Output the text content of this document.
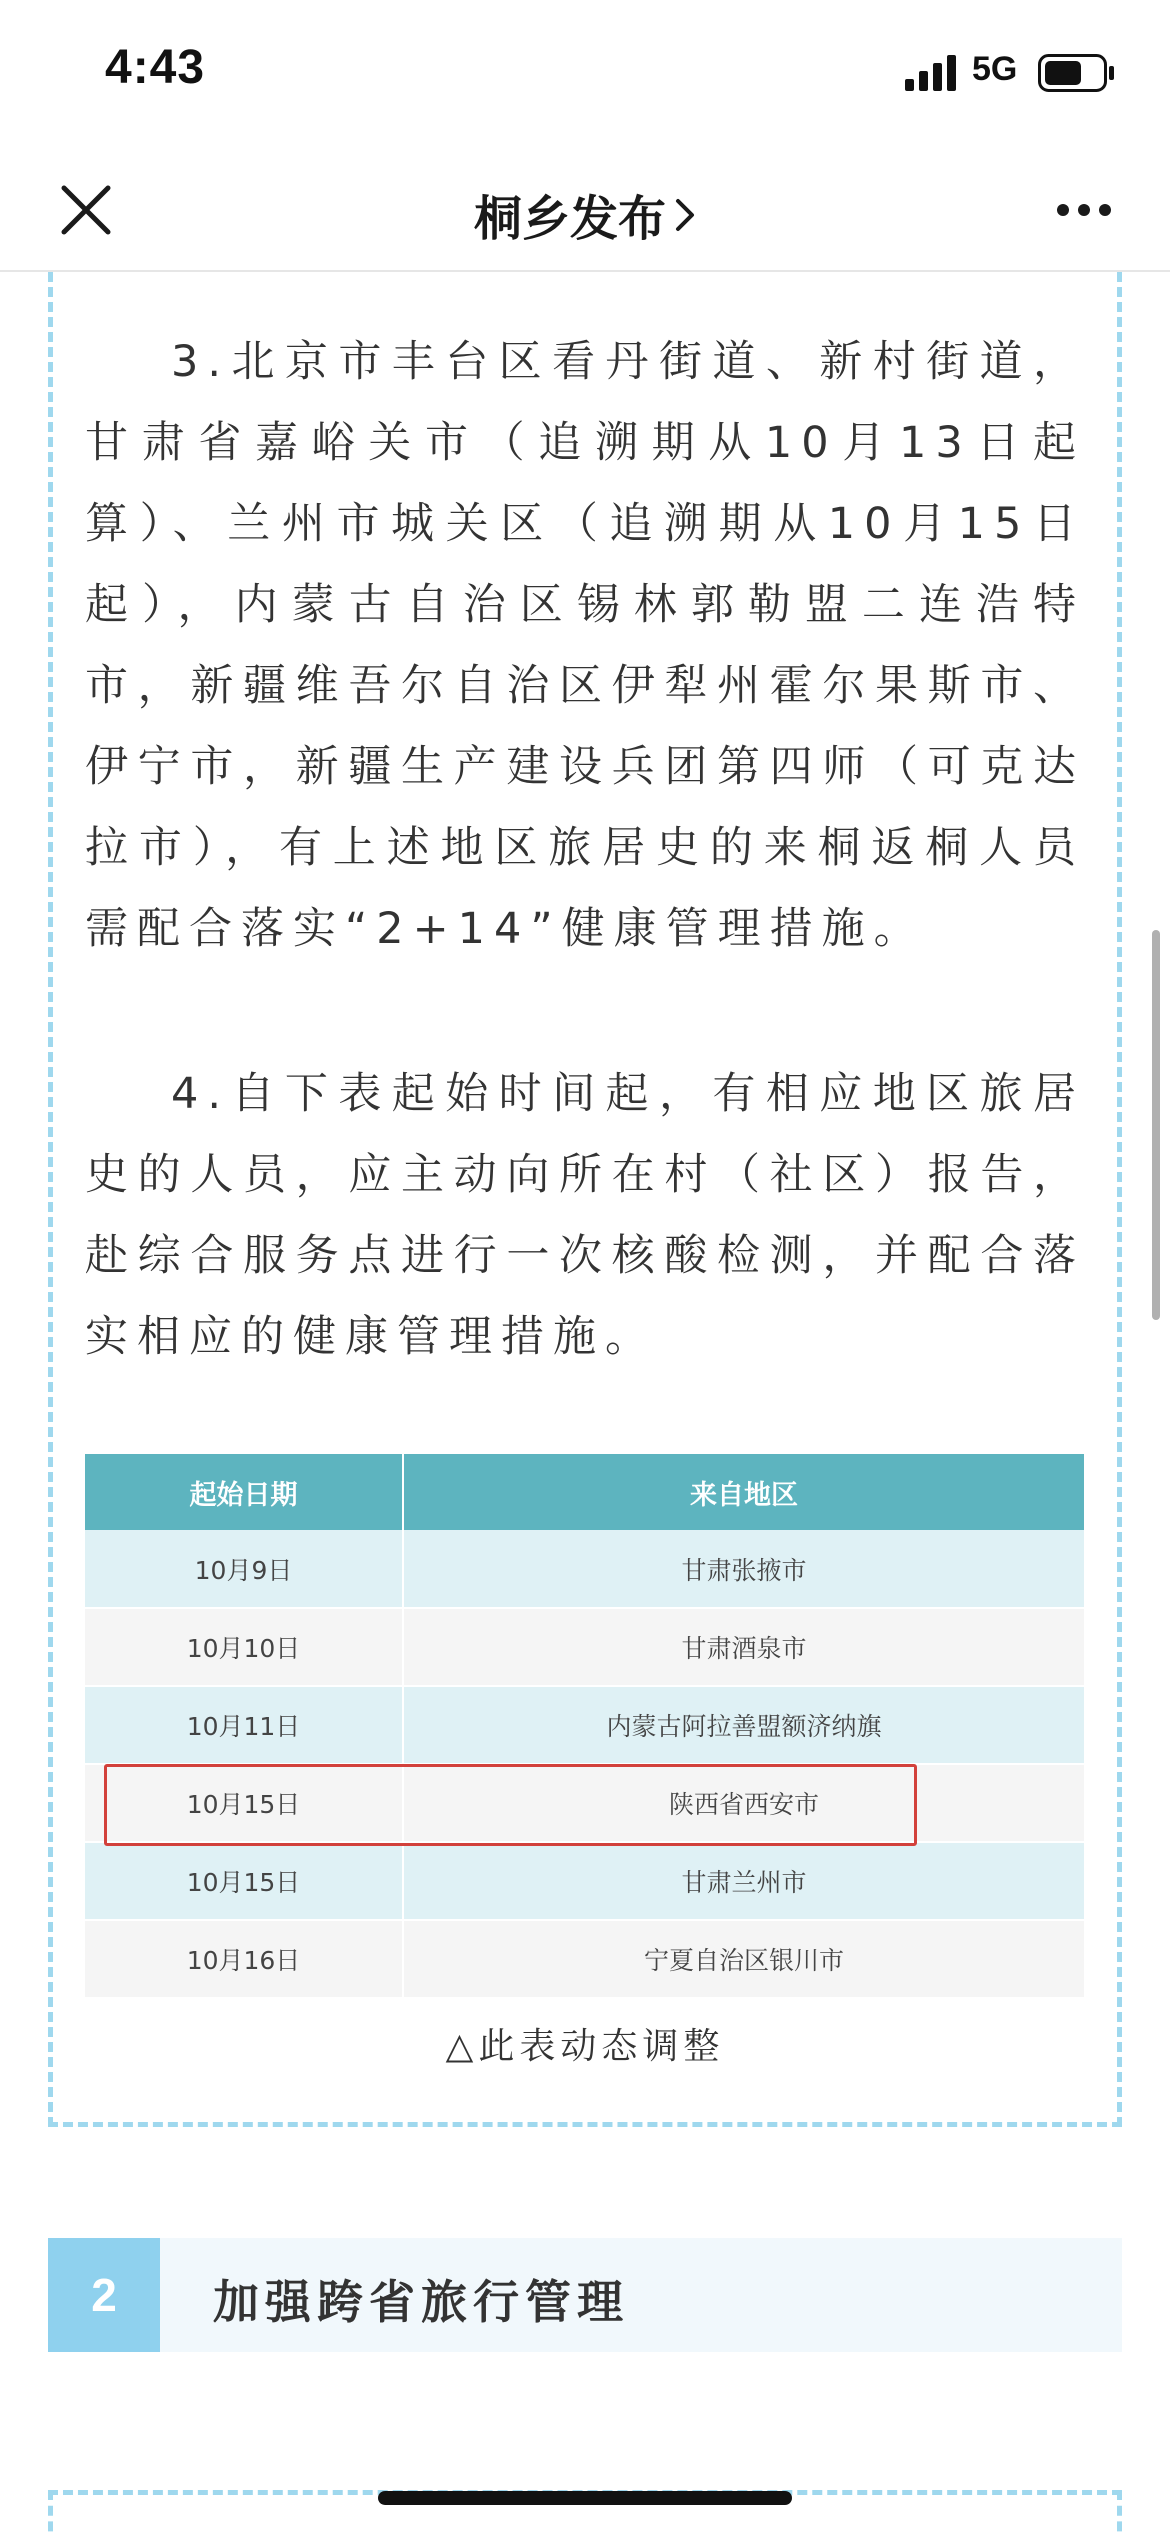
4:43	5G
桐乡发布

3.北京市丰台区看丹街道、新村街道，甘肃省嘉峪关市（追溯期从10月13日起算）、兰州市城关区（追溯期从10月15日起），内蒙古自治区锡林郭勒盟二连浩特市，新疆维吾尔自治区伊犁州霍尔果斯市、伊宁市，新疆生产建设兵团第四师（可克达拉市），有上述地区旅居史的来桐返桐人员需配合落实“2+14”健康管理措施。

4.自下表起始时间起，有相应地区旅居史的人员，应主动向所在村（社区）报告，赴综合服务点进行一次核酸检测，并配合落实相应的健康管理措施。

起始日期	来自地区
10月9日	甘肃张掖市
10月10日	甘肃酒泉市
10月11日	内蒙古阿拉善盟额济纳旗
10月15日	陕西省西安市
10月15日	甘肃兰州市
10月16日	宁夏自治区银川市
△此表动态调整
2	加强跨省旅行管理
